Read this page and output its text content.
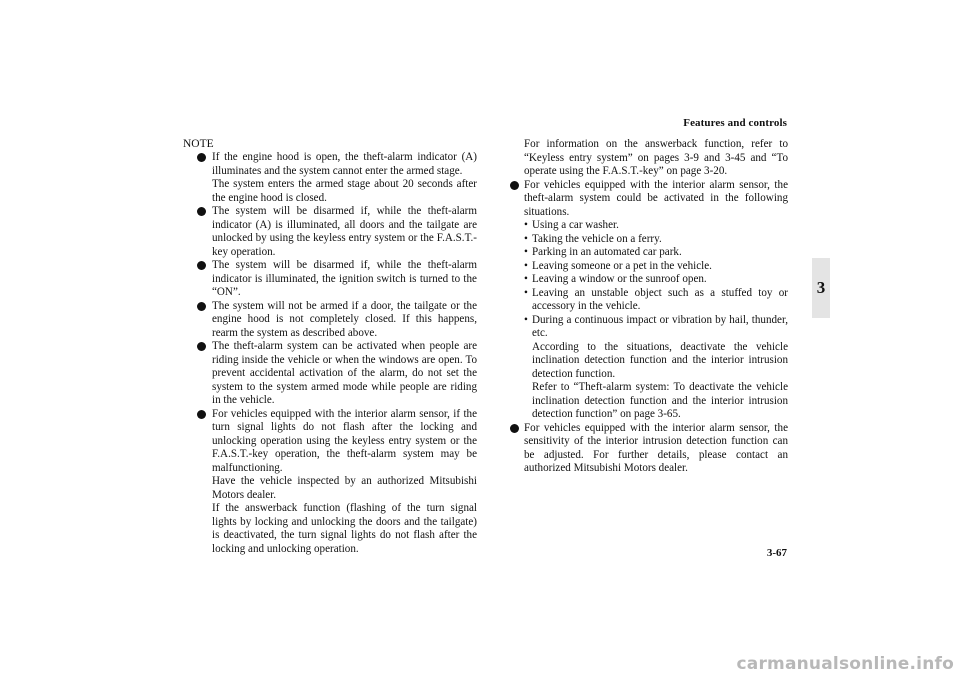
Features and controls
3
NOTE
If the engine hood is open, the theft-alarm indicator (A) illuminates and the system cannot enter the armed stage.
The system enters the armed stage about 20 seconds after the engine hood is closed.
The system will be disarmed if, while the theft-alarm indicator (A) is illuminated, all doors and the tailgate are unlocked by using the keyless entry system or the F.A.S.T.-key operation.
The system will be disarmed if, while the theft-alarm indicator is illuminated, the ignition switch is turned to the “ON”.
The system will not be armed if a door, the tailgate or the engine hood is not completely closed. If this happens, rearm the system as described above.
The theft-alarm system can be activated when people are riding inside the vehicle or when the windows are open. To prevent accidental activation of the alarm, do not set the system to the system armed mode while people are riding in the vehicle.
For vehicles equipped with the interior alarm sensor, if the turn signal lights do not flash after the locking and unlocking operation using the keyless entry system or the F.A.S.T.-key operation, the theft-alarm system may be malfunctioning.
Have the vehicle inspected by an authorized Mitsubishi Motors dealer.
If the answerback function (flashing of the turn signal lights by locking and unlocking the doors and the tailgate) is deactivated, the turn signal lights do not flash after the locking and unlocking operation.
For information on the answerback function, refer to “Keyless entry system” on pages 3-9 and 3-45 and “To operate using the F.A.S.T.-key” on page 3-20.
For vehicles equipped with the interior alarm sensor, the theft-alarm system could be activated in the following situations.
• Using a car washer.
• Taking the vehicle on a ferry.
• Parking in an automated car park.
• Leaving someone or a pet in the vehicle.
• Leaving a window or the sunroof open.
• Leaving an unstable object such as a stuffed toy or accessory in the vehicle.
• During a continuous impact or vibration by hail, thunder, etc.
According to the situations, deactivate the vehicle inclination detection function and the interior intrusion detection function.
Refer to “Theft-alarm system: To deactivate the vehicle inclination detection function and the interior intrusion detection function” on page 3-65.
For vehicles equipped with the interior alarm sensor, the sensitivity of the interior intrusion detection function can be adjusted. For further details, please contact an authorized Mitsubishi Motors dealer.
3-67
carmanualsonline.info
